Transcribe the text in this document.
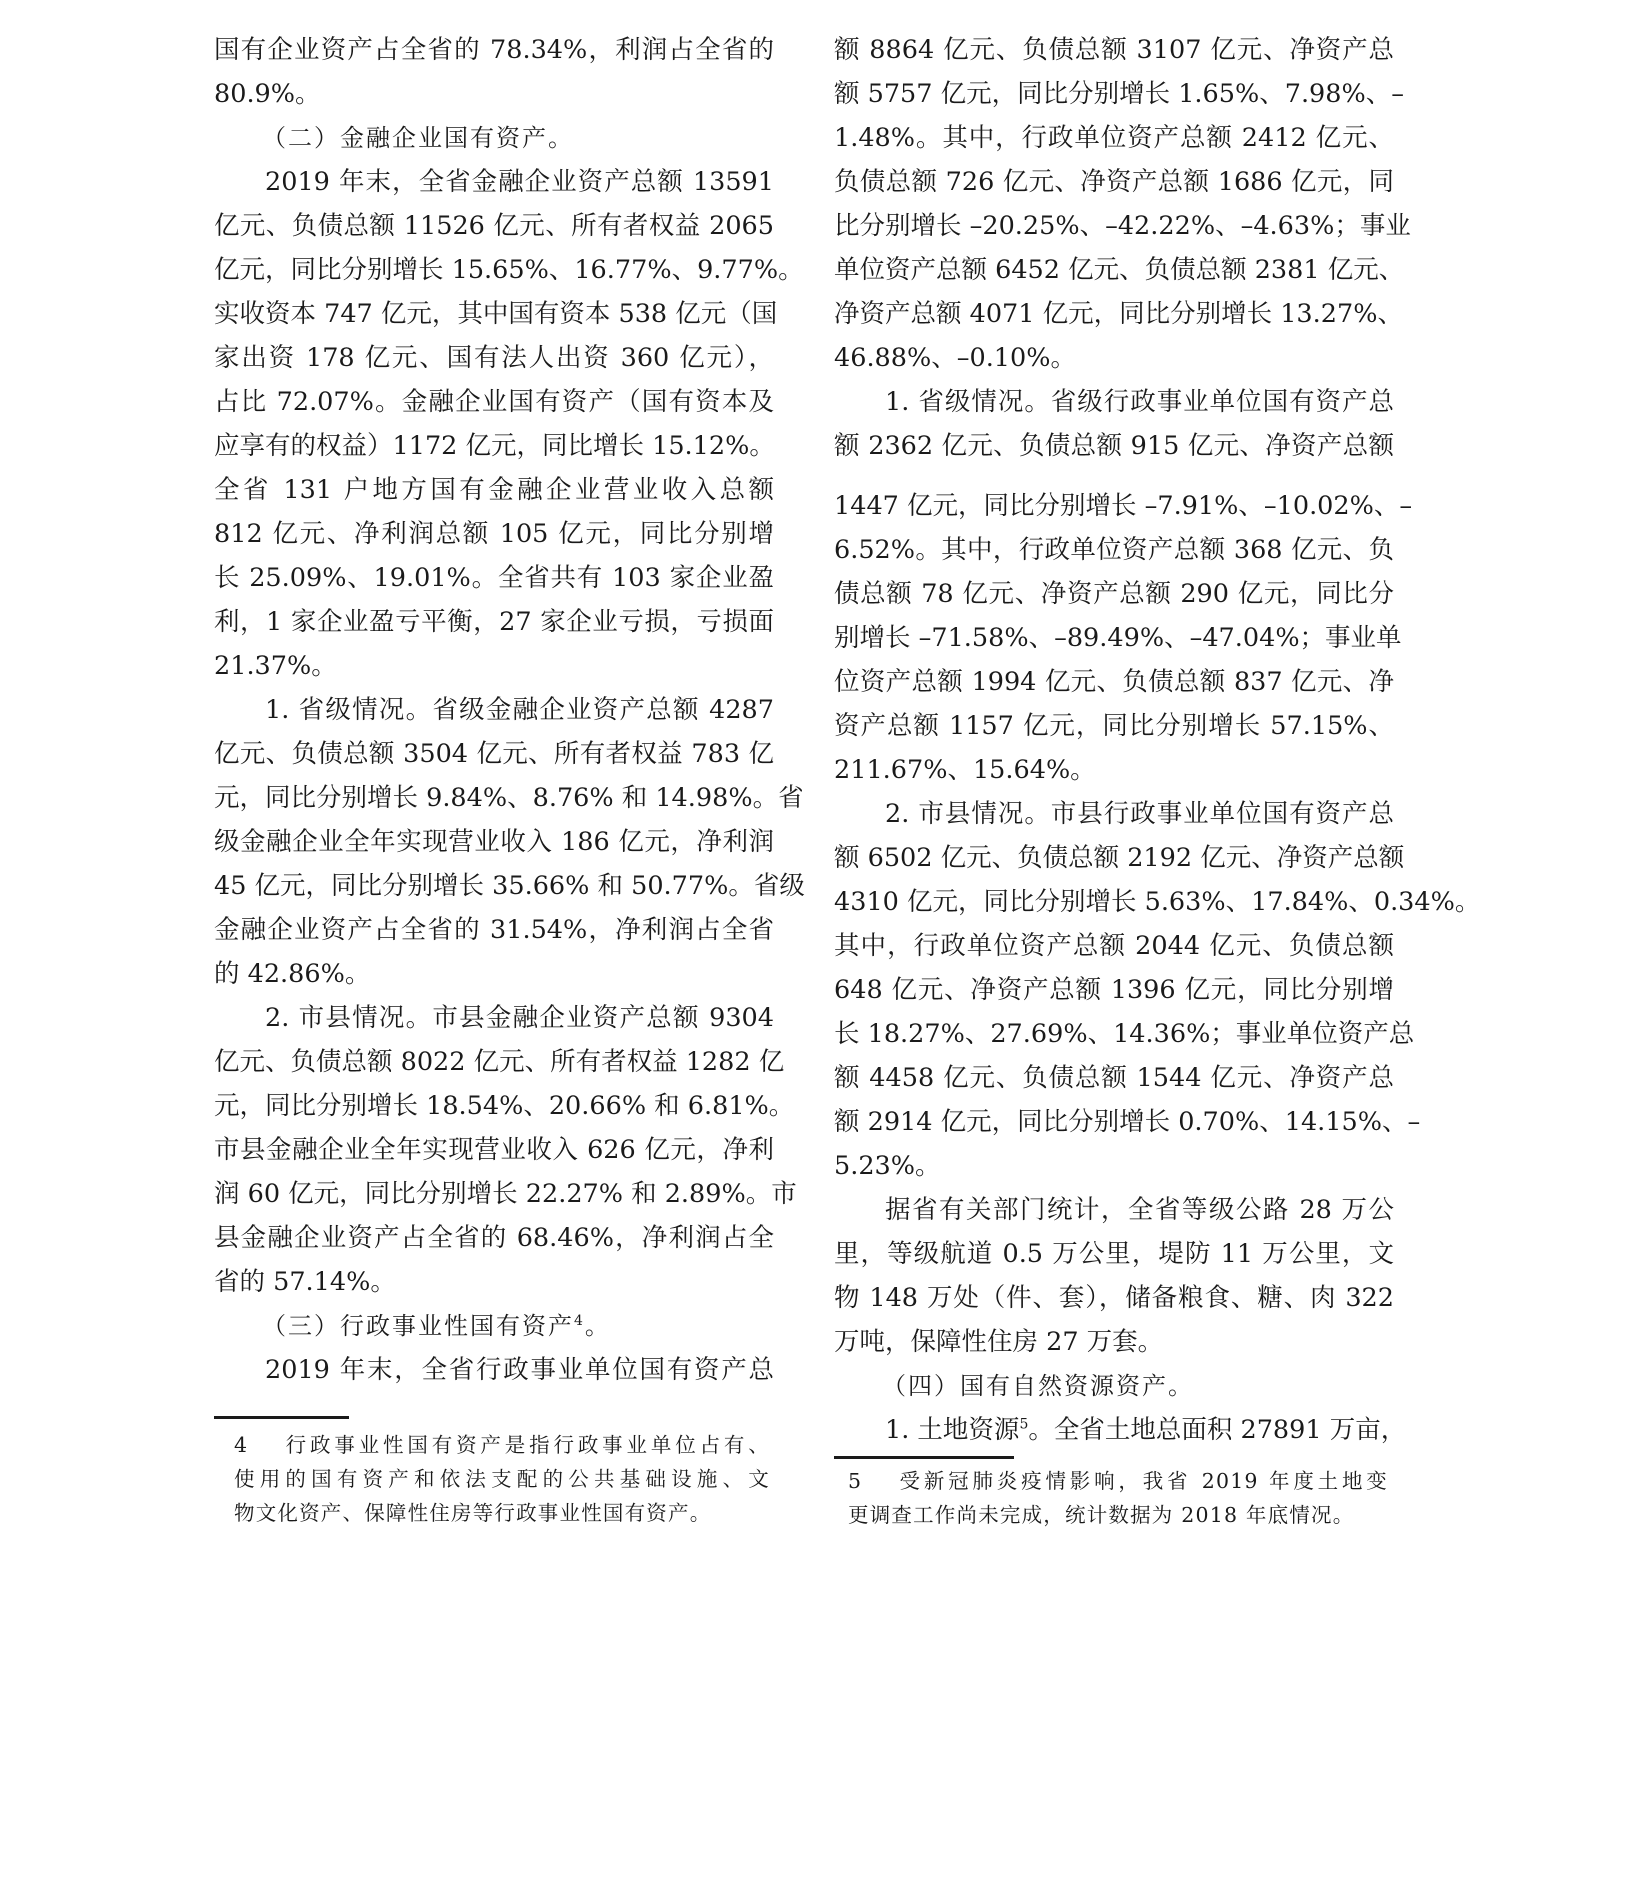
国有企业资产占全省的 78.34%，利润占全省的
80.9%。
（二）金融企业国有资产。
2019 年末，全省金融企业资产总额 13591
亿元、负债总额 11526 亿元、所有者权益 2065
亿元，同比分别增长 15.65%、16.77%、9.77%。
实收资本 747 亿元，其中国有资本 538 亿元（国
家出资 178 亿元、国有法人出资 360 亿元），
占比 72.07%。金融企业国有资产（国有资本及
应享有的权益）1172 亿元，同比增长 15.12%。
全省 131 户地方国有金融企业营业收入总额
812 亿元、净利润总额 105 亿元，同比分别增
长 25.09%、19.01%。全省共有 103 家企业盈
利，1 家企业盈亏平衡，27 家企业亏损，亏损面
21.37%。
1. 省级情况。省级金融企业资产总额 4287
亿元、负债总额 3504 亿元、所有者权益 783 亿
元，同比分别增长 9.84%、8.76% 和 14.98%。省
级金融企业全年实现营业收入 186 亿元，净利润
45 亿元，同比分别增长 35.66% 和 50.77%。省级
金融企业资产占全省的 31.54%，净利润占全省
的 42.86%。
2. 市县情况。市县金融企业资产总额 9304
亿元、负债总额 8022 亿元、所有者权益 1282 亿
元，同比分别增长 18.54%、20.66% 和 6.81%。
市县金融企业全年实现营业收入 626 亿元，净利
润 60 亿元，同比分别增长 22.27% 和 2.89%。市
县金融企业资产占全省的 68.46%，净利润占全
省的 57.14%。
（三）行政事业性国有资产$^4$。
2019 年末，全省行政事业单位国有资产总
4　 行政事业性国有资产是指行政事业单位占有、
使用的国有资产和依法支配的公共基础设施、文
物文化资产、保障性住房等行政事业性国有资产。
额 8864 亿元、负债总额 3107 亿元、净资产总
额 5757 亿元，同比分别增长 1.65%、7.98%、–
1.48%。其中，行政单位资产总额 2412 亿元、
负债总额 726 亿元、净资产总额 1686 亿元，同
比分别增长 –20.25%、–42.22%、–4.63%；事业
单位资产总额 6452 亿元、负债总额 2381 亿元、
净资产总额 4071 亿元，同比分别增长 13.27%、
46.88%、–0.10%。
1. 省级情况。省级行政事业单位国有资产总
额 2362 亿元、负债总额 915 亿元、净资产总额
1447 亿元，同比分别增长 –7.91%、–10.02%、–
6.52%。其中，行政单位资产总额 368 亿元、负
债总额 78 亿元、净资产总额 290 亿元，同比分
别增长 –71.58%、–89.49%、–47.04%；事业单
位资产总额 1994 亿元、负债总额 837 亿元、净
资产总额 1157 亿元，同比分别增长 57.15%、
211.67%、15.64%。
2. 市县情况。市县行政事业单位国有资产总
额 6502 亿元、负债总额 2192 亿元、净资产总额
4310 亿元，同比分别增长 5.63%、17.84%、0.34%。
其中，行政单位资产总额 2044 亿元、负债总额
648 亿元、净资产总额 1396 亿元，同比分别增
长 18.27%、27.69%、14.36%；事业单位资产总
额 4458 亿元、负债总额 1544 亿元、净资产总
额 2914 亿元，同比分别增长 0.70%、14.15%、–
5.23%。
据省有关部门统计，全省等级公路 28 万公
里，等级航道 0.5 万公里，堤防 11 万公里，文
物 148 万处（件、套），储备粮食、糖、肉 322
万吨，保障性住房 27 万套。
（四）国有自然资源资产。
1. 土地资源$^5$。全省土地总面积 27891 万亩，
5　 受新冠肺炎疫情影响，我省 2019 年度土地变
更调查工作尚未完成，统计数据为 2018 年底情况。
